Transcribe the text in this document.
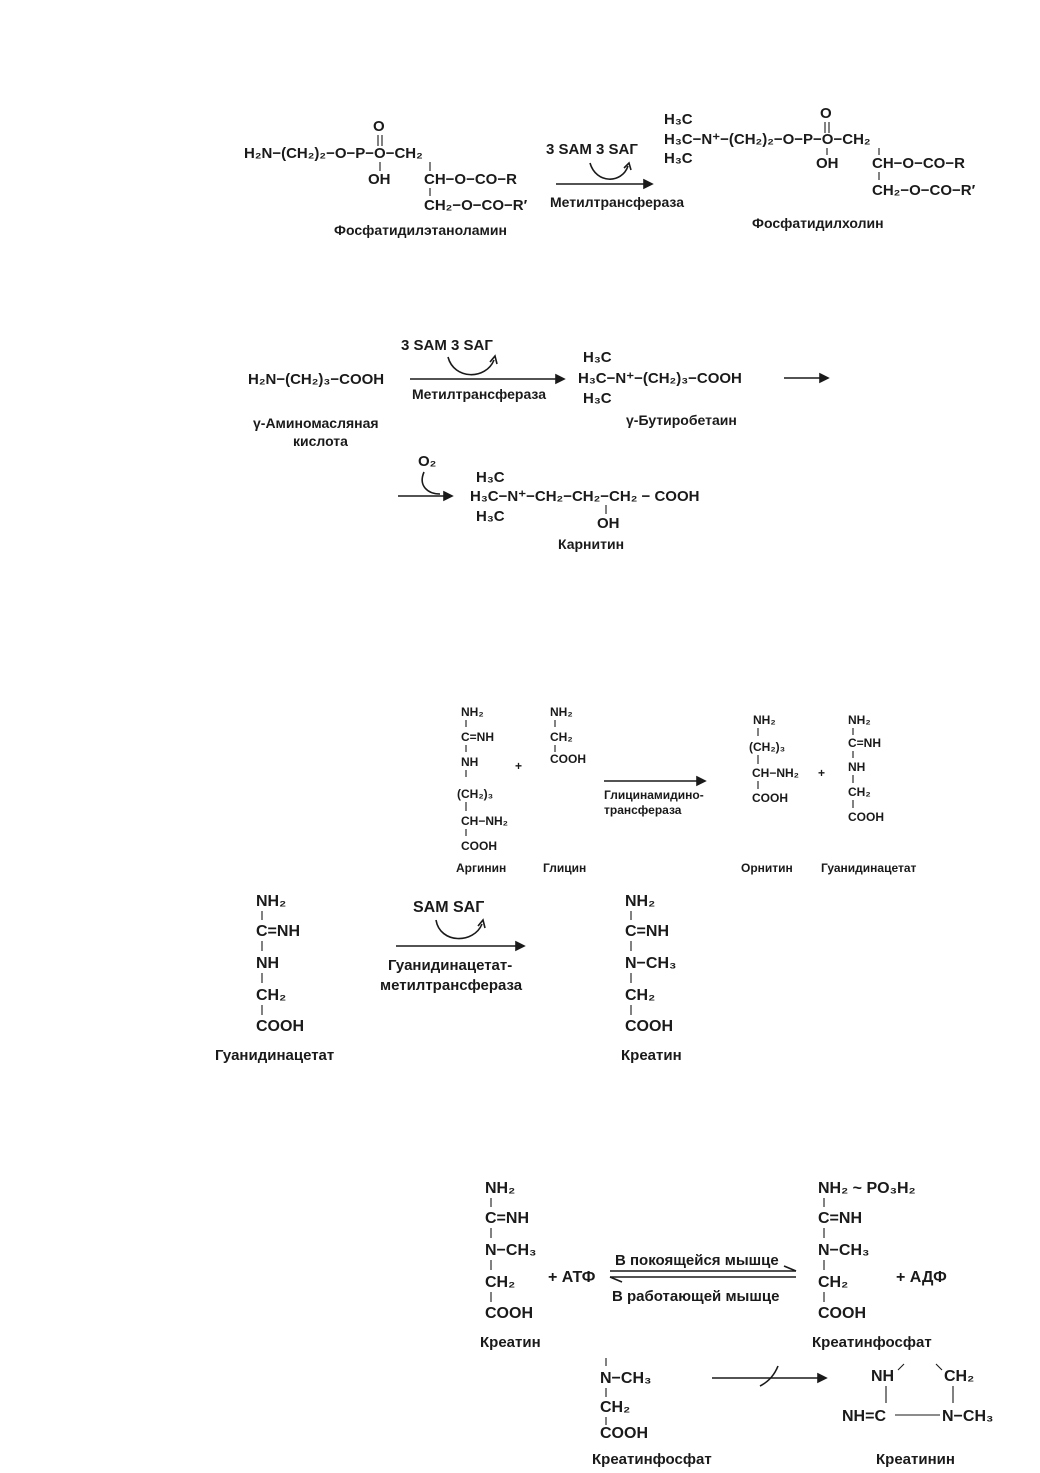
O
H₂N−(CH₂)₂−O−P−O−CH₂
OH CH−O−CO−R
CH₂−O−CO−R′
Фосфатидилэтаноламин
3 SAM 3 SAГ
Метилтрансфераза
H₃C	O
H₃C−N⁺−(CH₂)₂−O−P−O−CH₂
H₃C	OH CH−O−CO−R
CH₂−O−CO−R′
Фосфатидилхолин
3 SAM 3 SAГ
H₂N−(CH₂)₃−COOH
Метилтрансфераза
γ-Аминомасляная
кислота
H₃C
H₃C−N⁺−(CH₂)₃−COOH
H₃C
γ-Бутиробетаин
O₂
H₃C
H₃C−N⁺−CH₂−CH₂−CH₂ − COOH
H₃C	OH
Карнитин
NH₂
C=NH
NH
(CH₂)₃
CH−NH₂
COOH
Аргинин
+
NH₂
CH₂
COOH
Глицин
Глицинамидино-
трансфераза
NH₂
(CH₂)₃
CH−NH₂
COOH
Орнитин
+
NH₂
C=NH
NH
CH₂
COOH
Гуанидинацетат
NH₂
C=NH
NH
CH₂
COOH
Гуанидинацетат
SAM SAГ
Гуанидинацетат-
метилтрансфераза
NH₂
C=NH
N−CH₃
CH₂
COOH
Креатин
NH₂
C=NH
N−CH₃
CH₂
COOH
Креатин
+ АТФ
В покоящейся мышце
В работающей мышце
NH₂ ~ PO₃H₂
C=NH
N−CH₃
CH₂
COOH
+ АДФ
Креатинфосфат
N−CH₃
CH₂
COOH
Креатинфосфат
NH	CH₂
NH=C	N−CH₃
Креатинин
